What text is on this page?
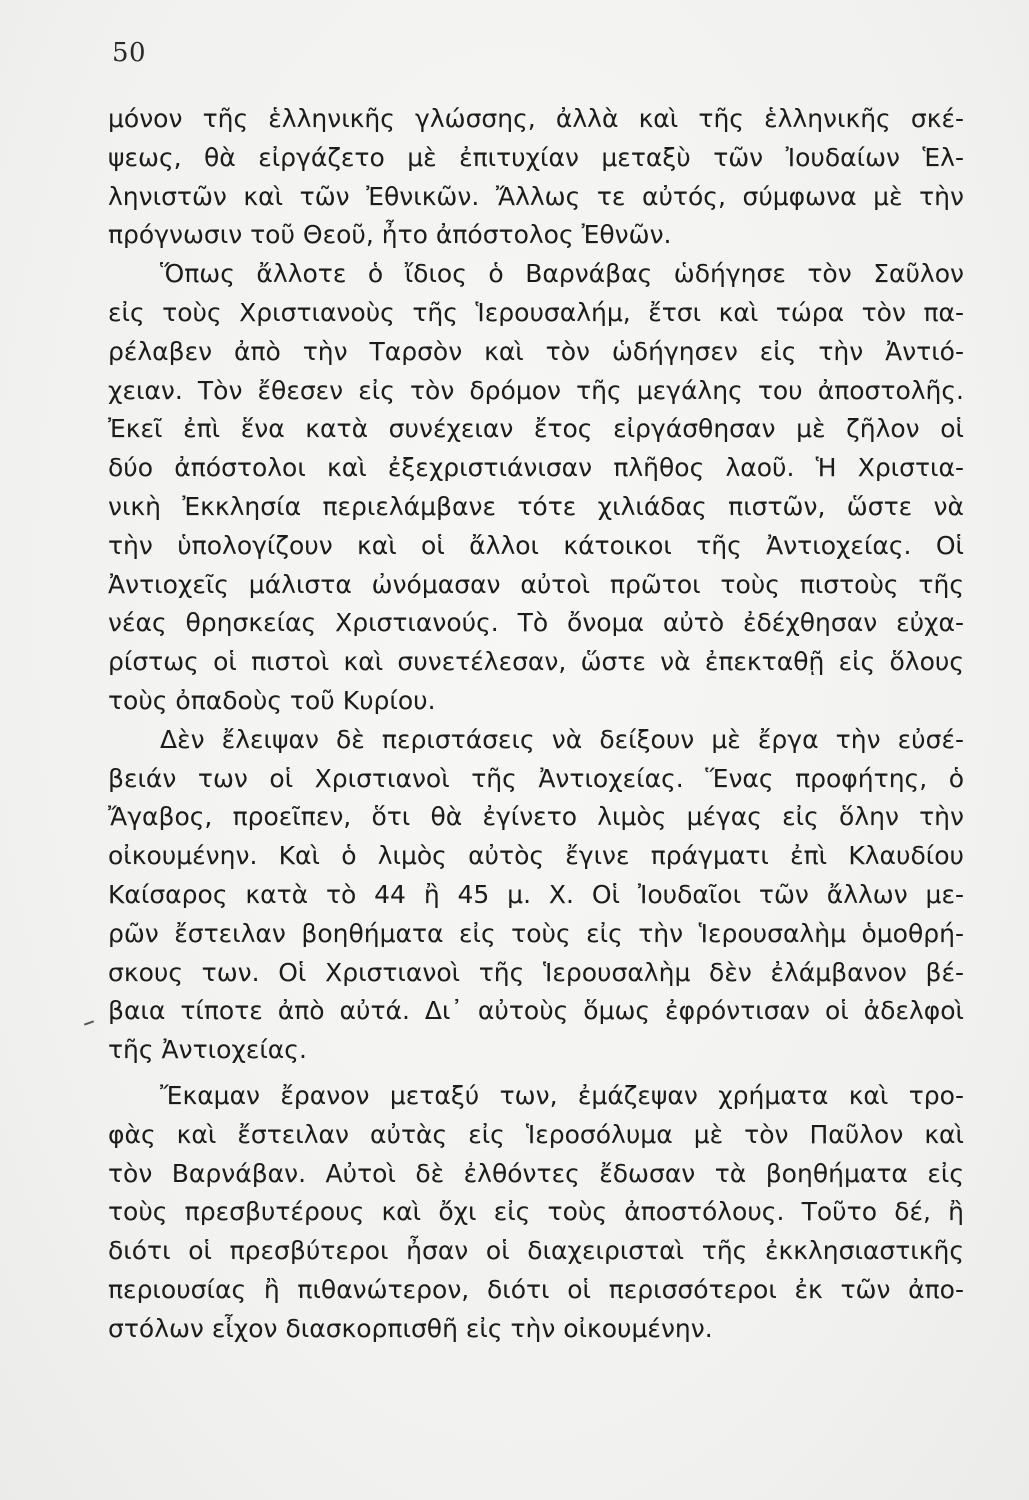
50
μόνον τῆς ἑλληνικῆς γλώσσης, ἀλλὰ καὶ τῆς ἑλληνικῆς σκέ-
ψεως, θὰ εἰργάζετο μὲ ἐπιτυχίαν μεταξὺ τῶν Ἰουδαίων Ἑλ-
ληνιστῶν καὶ τῶν Ἐθνικῶν. Ἄλλως τε αὐτός, σύμφωνα μὲ τὴν
πρόγνωσιν τοῦ Θεοῦ, ἦτο ἀπόστολος Ἐθνῶν.
Ὅπως ἄλλοτε ὁ ἴδιος ὁ Βαρνάβας ὡδήγησε τὸν Σαῦλον
εἰς τοὺς Χριστιανοὺς τῆς Ἱερουσαλήμ, ἔτσι καὶ τώρα τὸν πα-
ρέλαβεν ἀπὸ τὴν Ταρσὸν καὶ τὸν ὡδήγησεν εἰς τὴν Ἀντιό-
χειαν. Τὸν ἔθεσεν εἰς τὸν δρόμον τῆς μεγάλης του ἀποστολῆς.
Ἐκεῖ ἐπὶ ἕνα κατὰ συνέχειαν ἔτος εἰργάσθησαν μὲ ζῆλον οἱ
δύο ἀπόστολοι καὶ ἐξεχριστιάνισαν πλῆθος λαοῦ. Ἡ Χριστια-
νικὴ Ἐκκλησία περιελάμβανε τότε χιλιάδας πιστῶν, ὥστε νὰ
τὴν ὑπολογίζουν καὶ οἱ ἄλλοι κάτοικοι τῆς Ἀντιοχείας. Οἱ
Ἀντιοχεῖς μάλιστα ὠνόμασαν αὐτοὶ πρῶτοι τοὺς πιστοὺς τῆς
νέας θρησκείας Χριστιανούς. Τὸ ὄνομα αὐτὸ ἐδέχθησαν εὐχα-
ρίστως οἱ πιστοὶ καὶ συνετέλεσαν, ὥστε νὰ ἐπεκταθῇ εἰς ὅλους
τοὺς ὀπαδοὺς τοῦ Κυρίου.
Δὲν ἔλειψαν δὲ περιστάσεις νὰ δείξουν μὲ ἔργα τὴν εὐσέ-
βειάν των οἱ Χριστιανοὶ τῆς Ἀντιοχείας. Ἕνας προφήτης, ὁ
Ἄγαβος, προεῖπεν, ὅτι θὰ ἐγίνετο λιμὸς μέγας εἰς ὅλην τὴν
οἰκουμένην. Καὶ ὁ λιμὸς αὐτὸς ἔγινε πράγματι ἐπὶ Κλαυδίου
Καίσαρος κατὰ τὸ 44 ἢ 45 μ. Χ. Οἱ Ἰουδαῖοι τῶν ἄλλων με-
ρῶν ἔστειλαν βοηθήματα εἰς τοὺς εἰς τὴν Ἱερουσαλὴμ ὁμοθρή-
σκους των. Οἱ Χριστιανοὶ τῆς Ἱερουσαλὴμ δὲν ἐλάμβανον βέ-
βαια τίποτε ἀπὸ αὐτά. Δι᾿ αὐτοὺς ὅμως ἐφρόντισαν οἱ ἀδελφοὶ
τῆς Ἀντιοχείας.
Ἔκαμαν ἔρανον μεταξύ των, ἐμάζεψαν χρήματα καὶ τρο-
φὰς καὶ ἔστειλαν αὐτὰς εἰς Ἱεροσόλυμα μὲ τὸν Παῦλον καὶ
τὸν Βαρνάβαν. Αὐτοὶ δὲ ἐλθόντες ἔδωσαν τὰ βοηθήματα εἰς
τοὺς πρεσβυτέρους καὶ ὄχι εἰς τοὺς ἀποστόλους. Τοῦτο δέ, ἢ
διότι οἱ πρεσβύτεροι ἦσαν οἱ διαχειρισταὶ τῆς ἐκκλησιαστικῆς
περιουσίας ἢ πιθανώτερον, διότι οἱ περισσότεροι ἐκ τῶν ἀπο-
στόλων εἶχον διασκορπισθῆ εἰς τὴν οἰκουμένην.
